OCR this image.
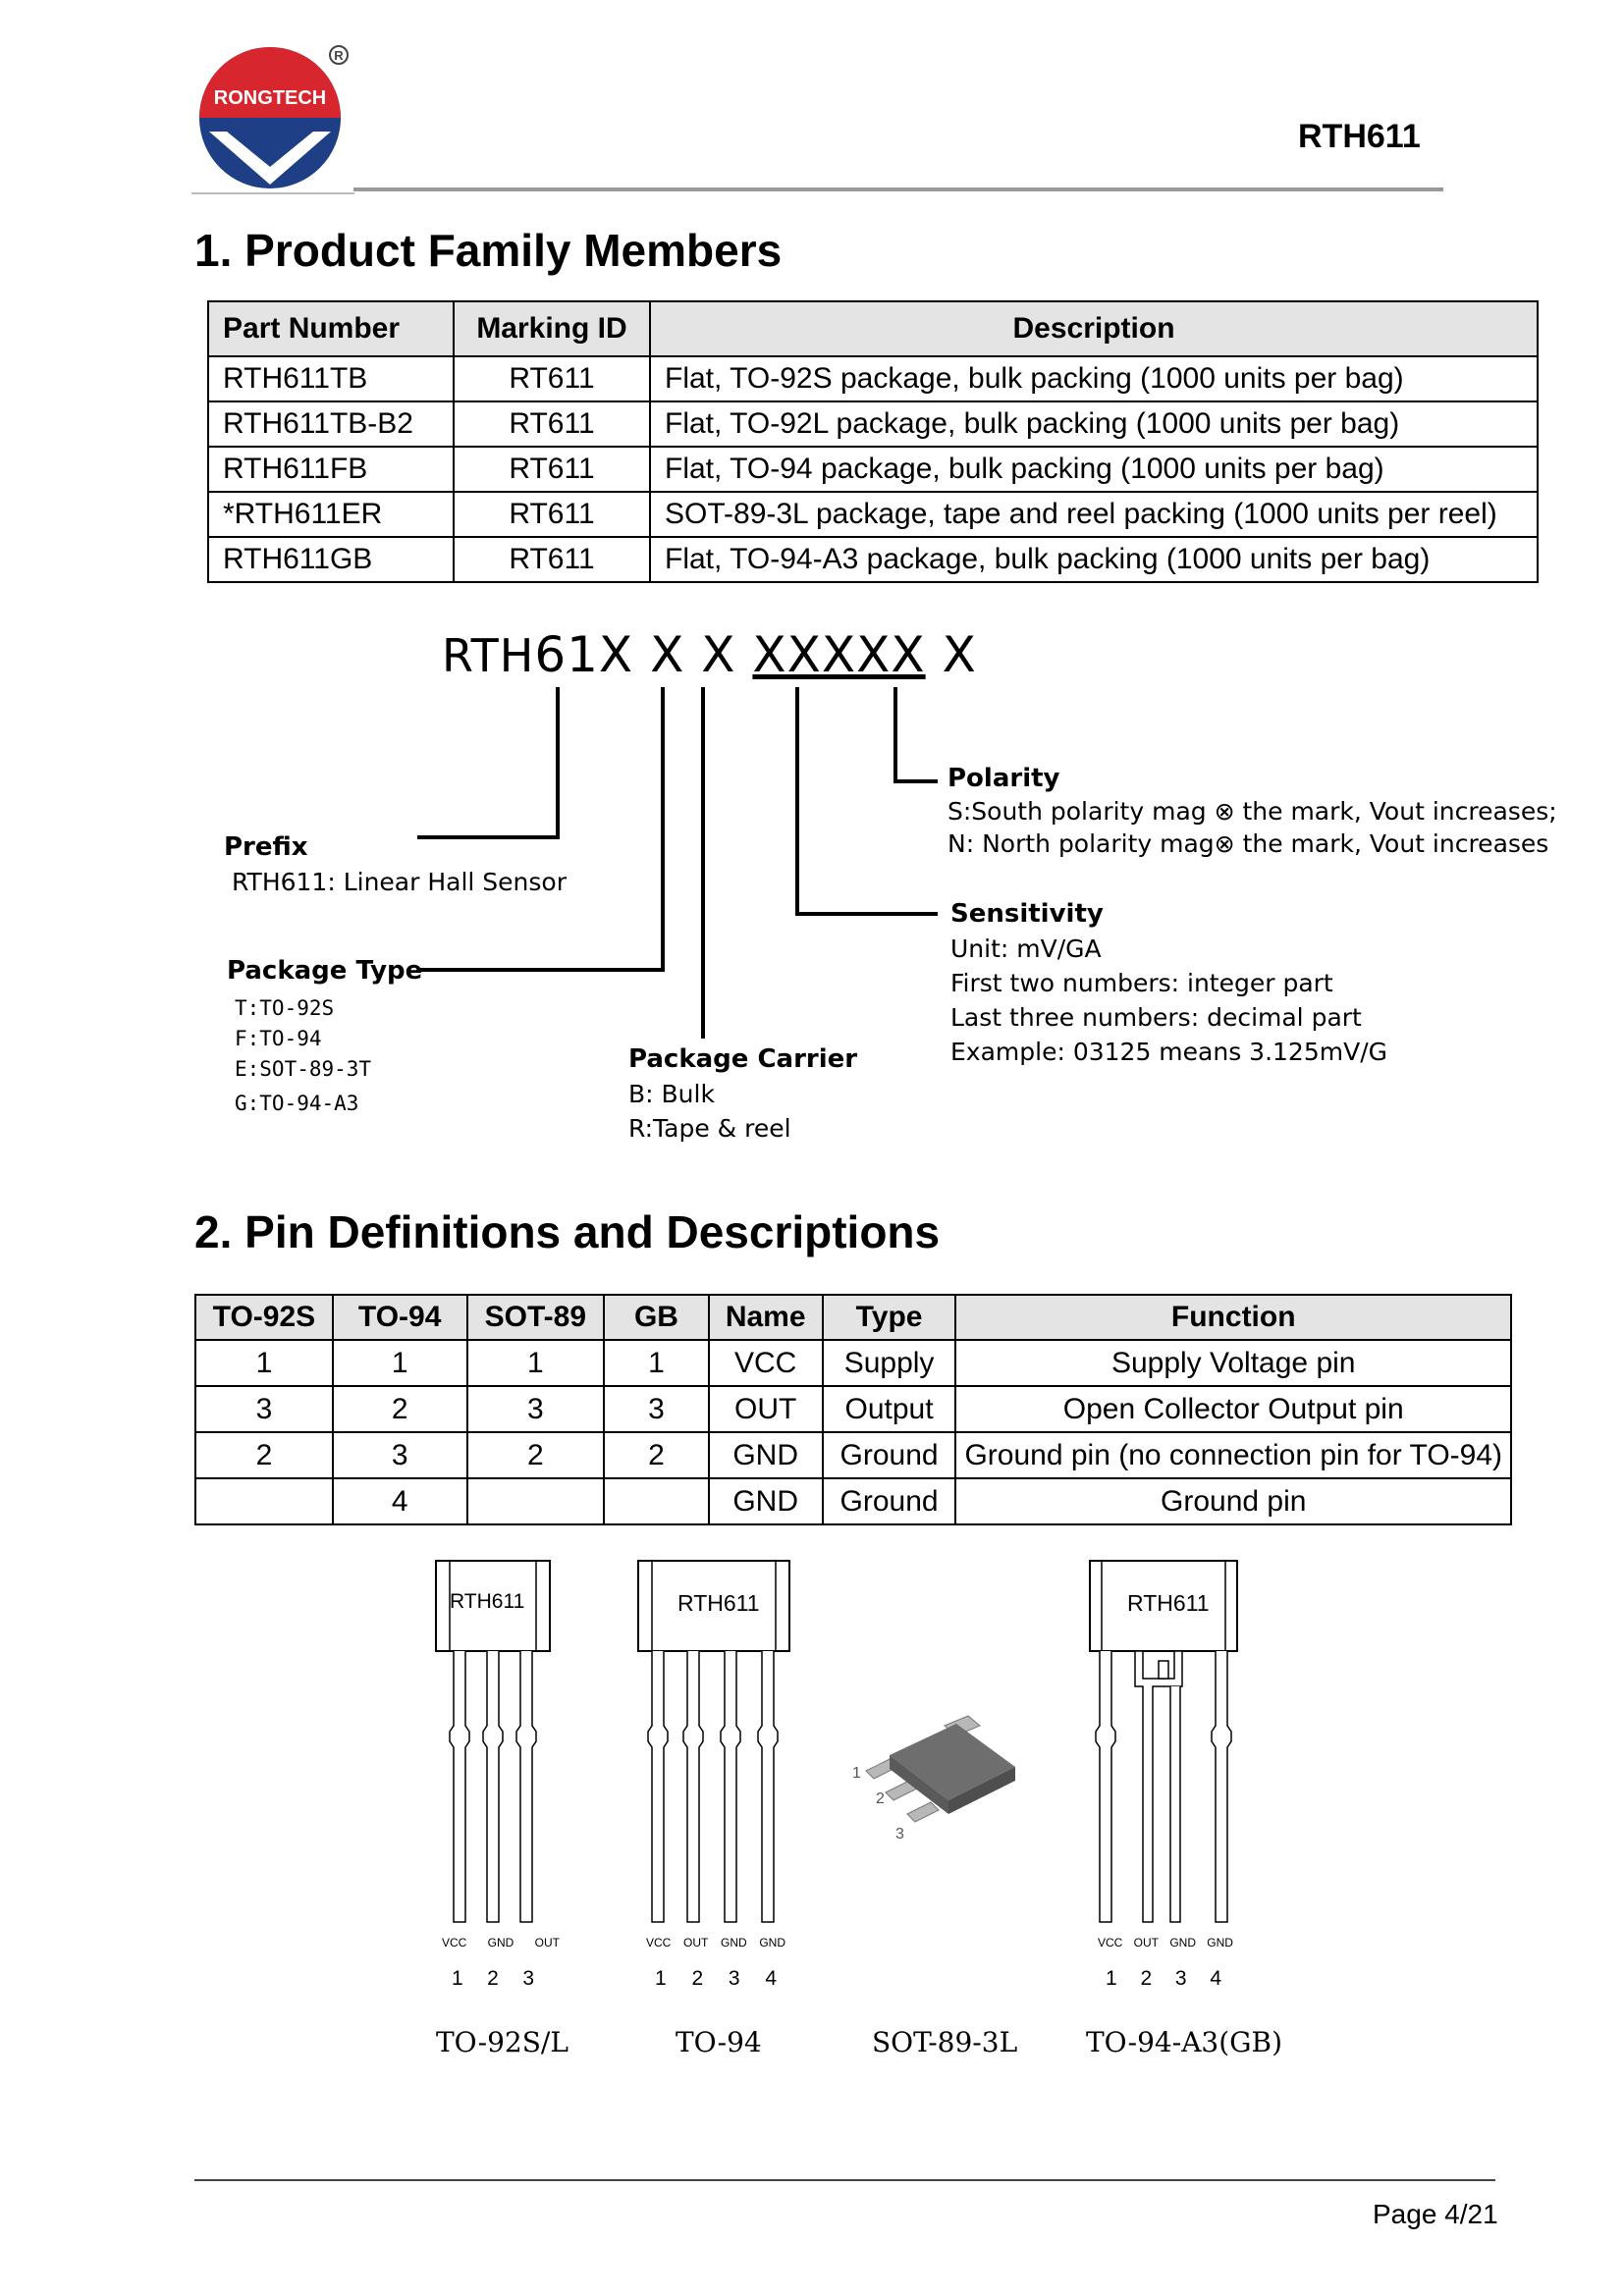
R
RONGTECH
RTH611
1. Product Family Members
Part Number	Marking ID	Description
RTH611TB	RT611	Flat, TO-92S package, bulk packing (1000 units per bag)
RTH611TB-B2	RT611	Flat, TO-92L package, bulk packing (1000 units per bag)
RTH611FB	RT611	Flat, TO-94 package, bulk packing (1000 units per bag)
*RTH611ER	RT611	SOT-89-3L package, tape and reel packing (1000 units per reel)
RTH611GB	RT611	Flat, TO-94-A3 package, bulk packing (1000 units per bag)
RTH61X X X XXXXX X
Polarity
S:South polarity mag ⊗ the mark, Vout increases;
N: North polarity mag⊗ the mark, Vout increases
Prefix
RTH611: Linear Hall Sensor
Sensitivity
Unit: mV/GA
First two numbers: integer part
Last three numbers: decimal part
Example: 03125 means 3.125mV/G
Package Type
T:TO-92S
F:TO-94
E:SOT-89-3T
G:TO-94-A3
Package Carrier
B: Bulk
R:Tape & reel
2. Pin Definitions and Descriptions
TO-92S	TO-94	SOT-89	GB	Name	Type	Function
1	1	1	1	VCC	Supply	Supply Voltage pin
3	2	3	3	OUT	Output	Open Collector Output pin
2	3	2	2	GND	Ground	Ground pin (no connection pin for TO-94)
	4			GND	Ground	Ground pin
RTH611
VCC GND OUT
1 2 3
TO-92S/L
RTH611
VCC OUT GND GND
1 2 3 4
TO-94
1
2
3
SOT-89-3L
RTH611
VCC OUT GND GND
1 2 3 4
TO-94-A3(GB)
Page 4/21
